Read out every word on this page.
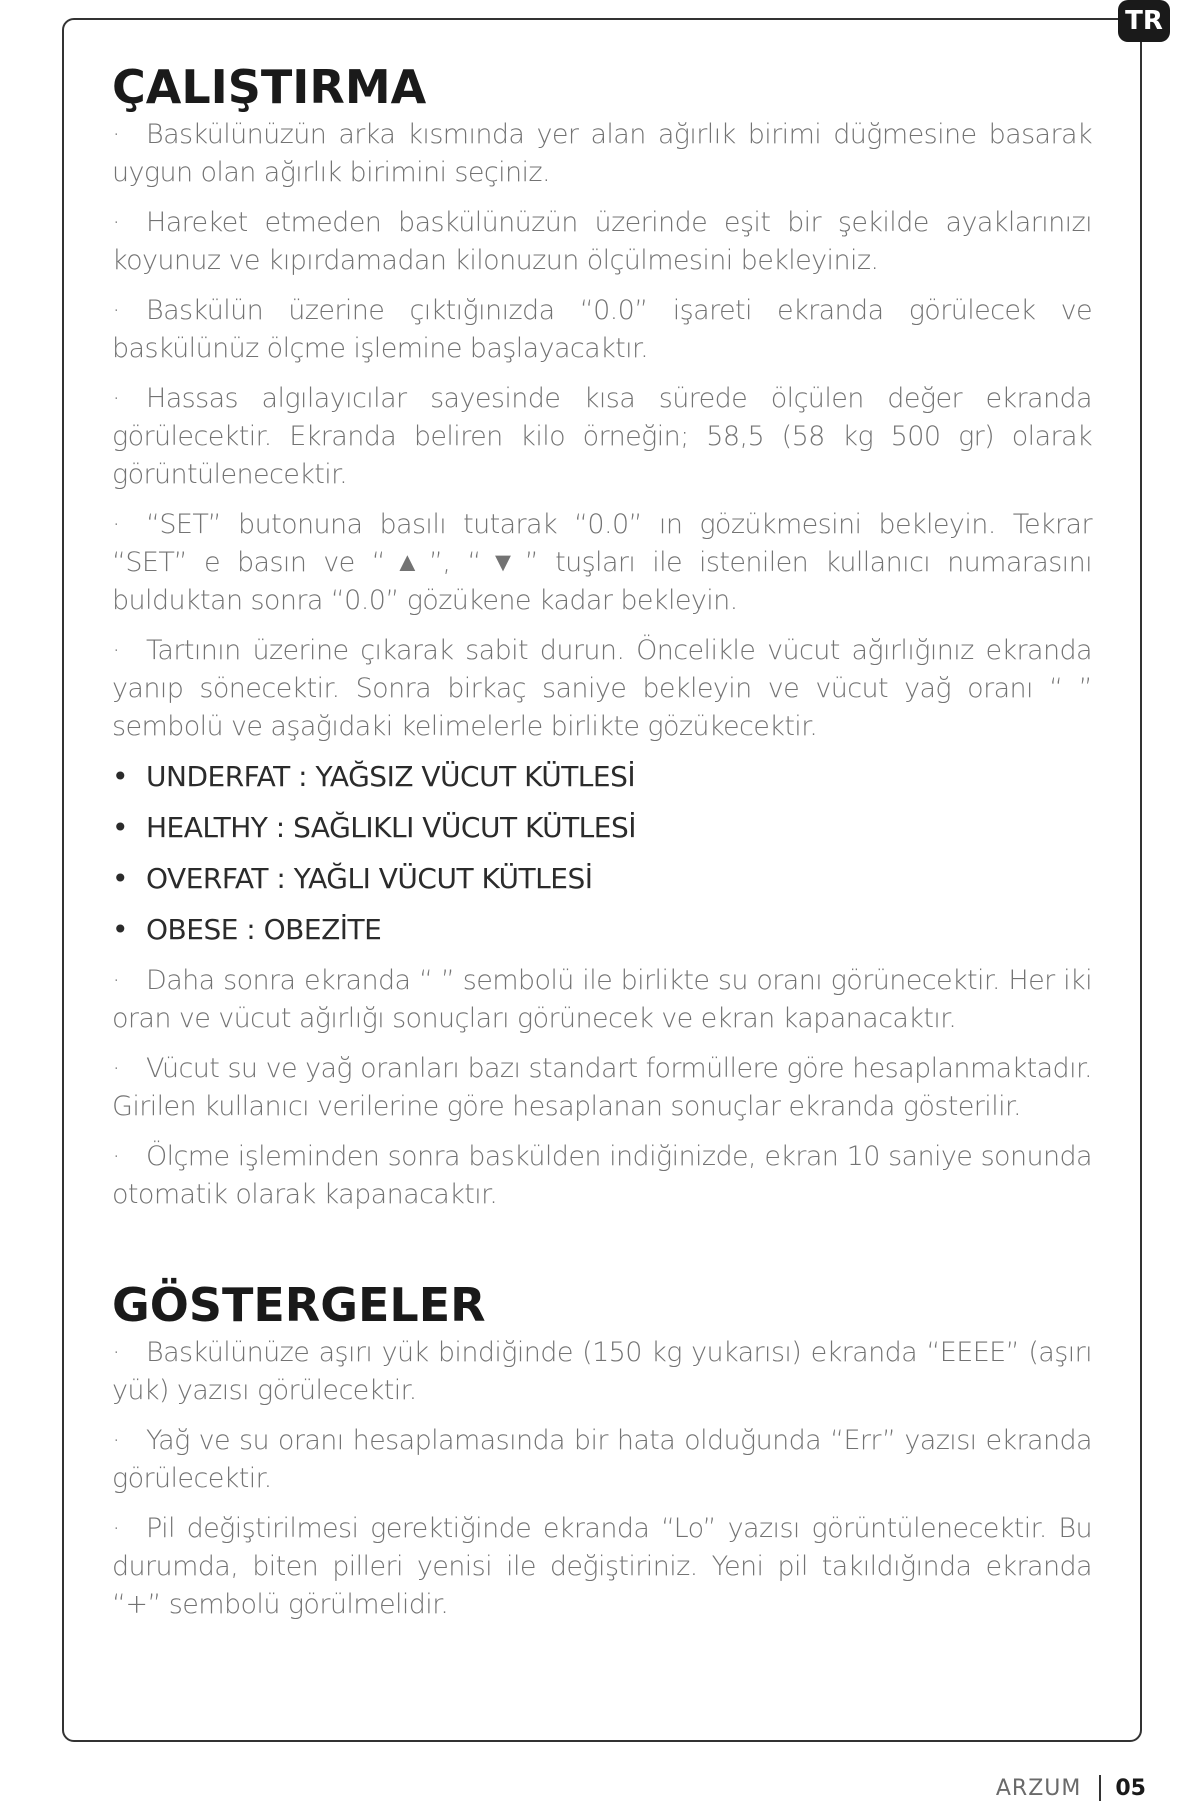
TR
ÇALIŞTIRMA

· Baskülünüzün arka kısmında yer alan ağırlık birimi düğmesine basarak uygun olan ağırlık birimini seçiniz.

· Hareket etmeden baskülünüzün üzerinde eşit bir şekilde ayaklarınızı koyunuz ve kıpırdamadan kilonuzun ölçülmesini bekleyiniz.

· Baskülün üzerine çıktığınızda “0.0” işareti ekranda görülecek ve baskülünüz ölçme işlemine başlayacaktır.

· Hassas algılayıcılar sayesinde kısa sürede ölçülen değer ekranda görülecektir. Ekranda beliren kilo örneğin; 58,5 (58 kg 500 gr) olarak görüntülenecektir.

· “SET” butonuna basılı tutarak “0.0” ın gözükmesini bekleyin. Tekrar “SET” e basın ve “▲”, “▼” tuşları ile istenilen kullanıcı numarasını bulduktan sonra “0.0” gözükene kadar bekleyin.

· Tartının üzerine çıkarak sabit durun. Öncelikle vücut ağırlığınız ekranda yanıp sönecektir. Sonra birkaç saniye bekleyin ve vücut yağ oranı “ ” sembolü ve aşağıdaki kelimelerle birlikte gözükecektir.

• UNDERFAT : YAĞSIZ VÜCUT KÜTLESİ
• HEALTHY : SAĞLIKLI VÜCUT KÜTLESİ
• OVERFAT : YAĞLI VÜCUT KÜTLESİ
• OBESE : OBEZİTE

· Daha sonra ekranda “ ” sembolü ile birlikte su oranı görünecektir. Her iki oran ve vücut ağırlığı sonuçları görünecek ve ekran kapanacaktır.

· Vücut su ve yağ oranları bazı standart formüllere göre hesaplanmaktadır. Girilen kullanıcı verilerine göre hesaplanan sonuçlar ekranda gösterilir.

· Ölçme işleminden sonra baskülden indiğinizde, ekran 10 saniye sonunda otomatik olarak kapanacaktır.

GÖSTERGELER

· Baskülünüze aşırı yük bindiğinde (150 kg yukarısı) ekranda “EEEE” (aşırı yük) yazısı görülecektir.

· Yağ ve su oranı hesaplamasında bir hata olduğunda “Err” yazısı ekranda görülecektir.

· Pil değiştirilmesi gerektiğinde ekranda “Lo” yazısı görüntülenecektir. Bu durumda, biten pilleri yenisi ile değiştiriniz. Yeni pil takıldığında ekranda “+” sembolü görülmelidir.

ARZUM 05
